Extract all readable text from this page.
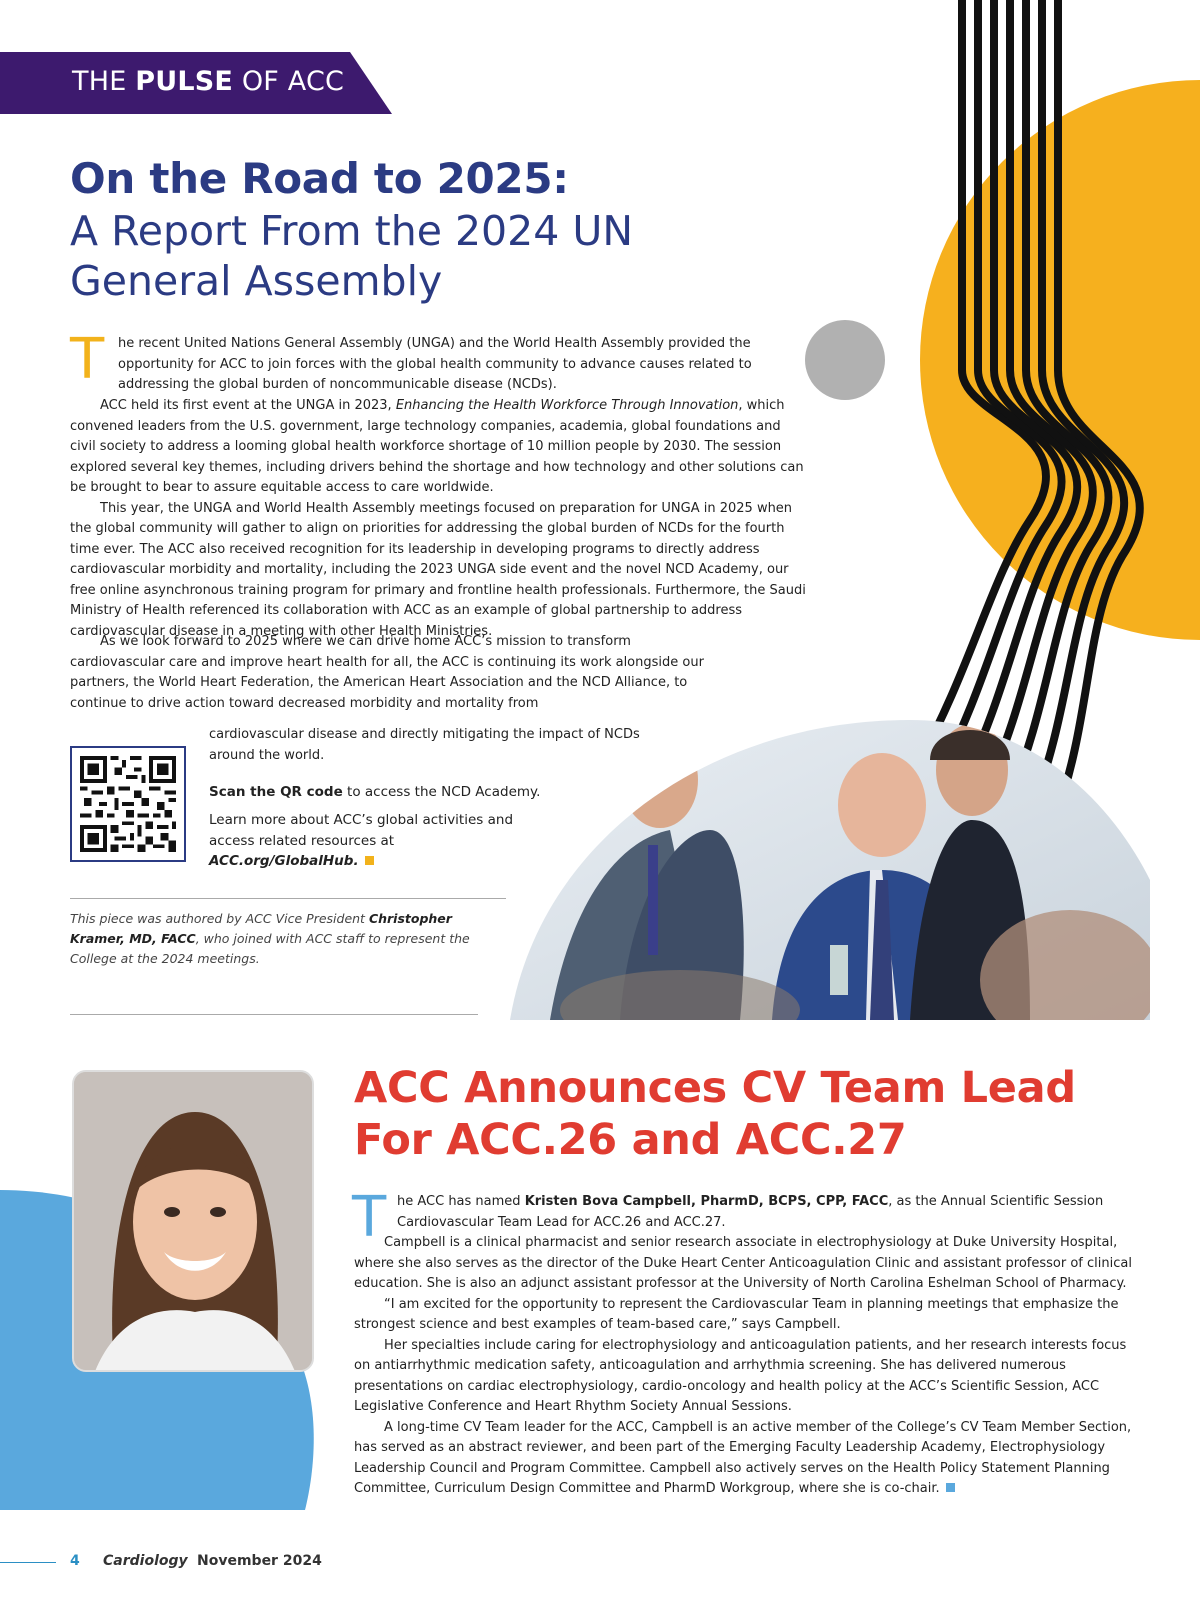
THE PULSE OF ACC
On the Road to 2025:
A Report From the 2024 UN General Assembly
T he recent United Nations General Assembly (UNGA) and the World Health Assembly provided the opportunity for ACC to join forces with the global health community to advance causes related to addressing the global burden of noncommunicable disease (NCDs).

ACC held its first event at the UNGA in 2023, Enhancing the Health Workforce Through Innovation, which convened leaders from the U.S. government, large technology companies, academia, global foundations and civil society to address a looming global health workforce shortage of 10 million people by 2030. The session explored several key themes, including drivers behind the shortage and how technology and other solutions can be brought to bear to assure equitable access to care worldwide.

This year, the UNGA and World Health Assembly meetings focused on preparation for UNGA in 2025 when the global community will gather to align on priorities for addressing the global burden of NCDs for the fourth time ever. The ACC also received recognition for its leadership in developing programs to directly address cardiovascular morbidity and mortality, including the 2023 UNGA side event and the novel NCD Academy, our free online asynchronous training program for primary and frontline health professionals. Furthermore, the Saudi Ministry of Health referenced its collaboration with ACC as an example of global partnership to address cardiovascular disease in a meeting with other Health Ministries.

As we look forward to 2025 where we can drive home ACC’s mission to transform cardiovascular care and improve heart health for all, the ACC is continuing its work alongside our partners, the World Heart Federation, the American Heart Association and the NCD Alliance, to continue to drive action toward decreased morbidity and mortality from

cardiovascular disease and directly mitigating the impact of NCDs around the world.
Scan the QR code to access the NCD Academy.
Learn more about ACC’s global activities and access related resources at
ACC.org/GlobalHub.
This piece was authored by ACC Vice President Christopher Kramer, MD, FACC, who joined with ACC staff to represent the College at the 2024 meetings.
ACC Announces CV Team Lead For ACC.26 and ACC.27
T he ACC has named Kristen Bova Campbell, PharmD, BCPS, CPP, FACC, as the Annual Scientific Session Cardiovascular Team Lead for ACC.26 and ACC.27.

Campbell is a clinical pharmacist and senior research associate in electrophysiology at Duke University Hospital, where she also serves as the director of the Duke Heart Center Anticoagulation Clinic and assistant professor of clinical education. She is also an adjunct assistant professor at the University of North Carolina Eshelman School of Pharmacy.

“I am excited for the opportunity to represent the Cardiovascular Team in planning meetings that emphasize the strongest science and best examples of team-based care,” says Campbell.

Her specialties include caring for electrophysiology and anticoagulation patients, and her research interests focus on antiarrhythmic medication safety, anticoagulation and arrhythmia screening. She has delivered numerous presentations on cardiac electrophysiology, cardio-oncology and health policy at the ACC’s Scientific Session, ACC Legislative Conference and Heart Rhythm Society Annual Sessions.

A long-time CV Team leader for the ACC, Campbell is an active member of the College’s CV Team Member Section, has served as an abstract reviewer, and been part of the Emerging Faculty Leadership Academy, Electrophysiology Leadership Council and Program Committee. Campbell also actively serves on the Health Policy Statement Planning Committee, Curriculum Design Committee and PharmD Workgroup, where she is co-chair.

4 Cardiology November 2024
